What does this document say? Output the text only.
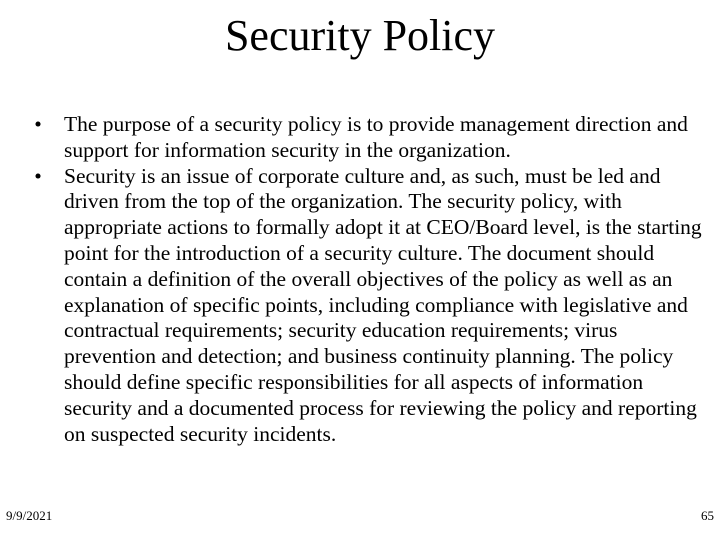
Security Policy
• The purpose of a security policy is to provide management direction and support for information security in the organization.
• Security is an issue of corporate culture and, as such, must be led and driven from the top of the organization. The security policy, with appropriate actions to formally adopt it at CEO/Board level, is the starting point for the introduction of a security culture. The document should contain a definition of the overall objectives of the policy as well as an explanation of specific points, including compliance with legislative and contractual requirements; security education requirements; virus prevention and detection; and business continuity planning. The policy should define specific responsibilities for all aspects of information security and a documented process for reviewing the policy and reporting on suspected security incidents.
9/9/2021	65
